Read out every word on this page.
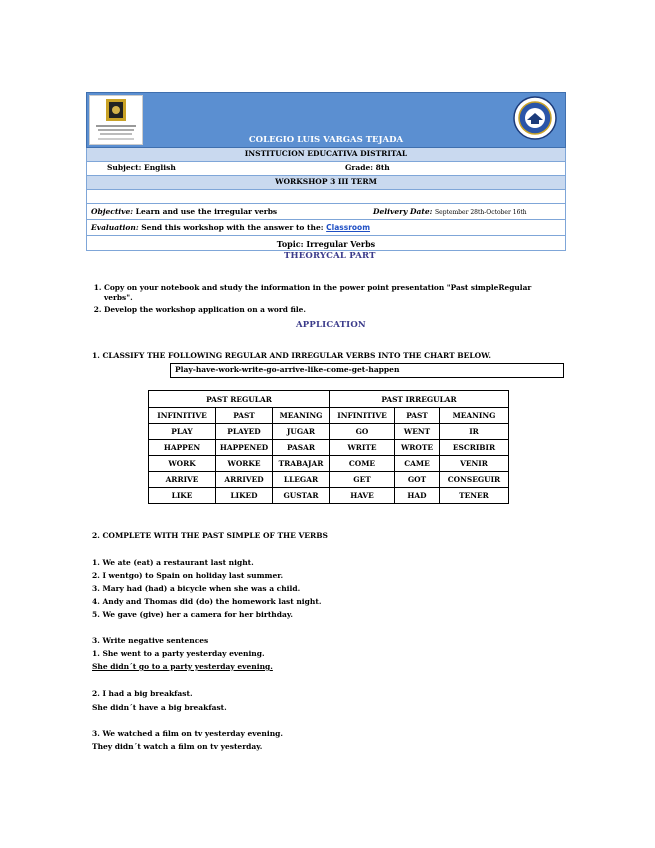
COLEGIO LUIS VARGAS TEJADA
INSTITUCION EDUCATIVA DISTRITAL
Subject: English	Grade: 8th
WORKSHOP 3 III TERM
Objective: Learn and use the irregular verbs	Delivery Date: September 28th-October 16th
Evaluation: Send this workshop with the answer to the: Classroom
Topic: Irregular Verbs
THEORYCAL PART
1. Copy on your notebook and study the information in the power point presentation "Past simpleRegular verbs".
2. Develop the workshop application on a word file.
APPLICATION
1. CLASSIFY THE FOLLOWING REGULAR AND IRREGULAR VERBS INTO THE CHART BELOW.
Play-have-work-write-go-arrive-like-come-get-happen
PAST REGULAR			PAST IRREGULAR		
INFINITIVE	PAST	MEANING	INFINITIVE	PAST	MEANING
PLAY	PLAYED	JUGAR	GO	WENT	IR
HAPPEN	HAPPENED	PASAR	WRITE	WROTE	ESCRIBIR
WORK	WORKE	TRABAJAR	COME	CAME	VENIR
ARRIVE	ARRIVED	LLEGAR	GET	GOT	CONSEGUIR
LIKE	LIKED	GUSTAR	HAVE	HAD	TENER
2. COMPLETE WITH THE PAST SIMPLE OF THE VERBS
1. We ate (eat) a restaurant last night.
2. I wentgo) to Spain on holiday last summer.
3. Mary had (had) a bicycle when she was a child.
4. Andy and Thomas did (do) the homework last night.
5. We gave (give) her a camera for her birthday.
3. Write negative sentences
1. She went to a party yesterday evening.
She didn´t go to a party yesterday evening.
2. I had a big breakfast.
She didn´t have a big breakfast.
3. We watched a film on tv yesterday evening.
They didn´t watch a film on tv yesterday.
